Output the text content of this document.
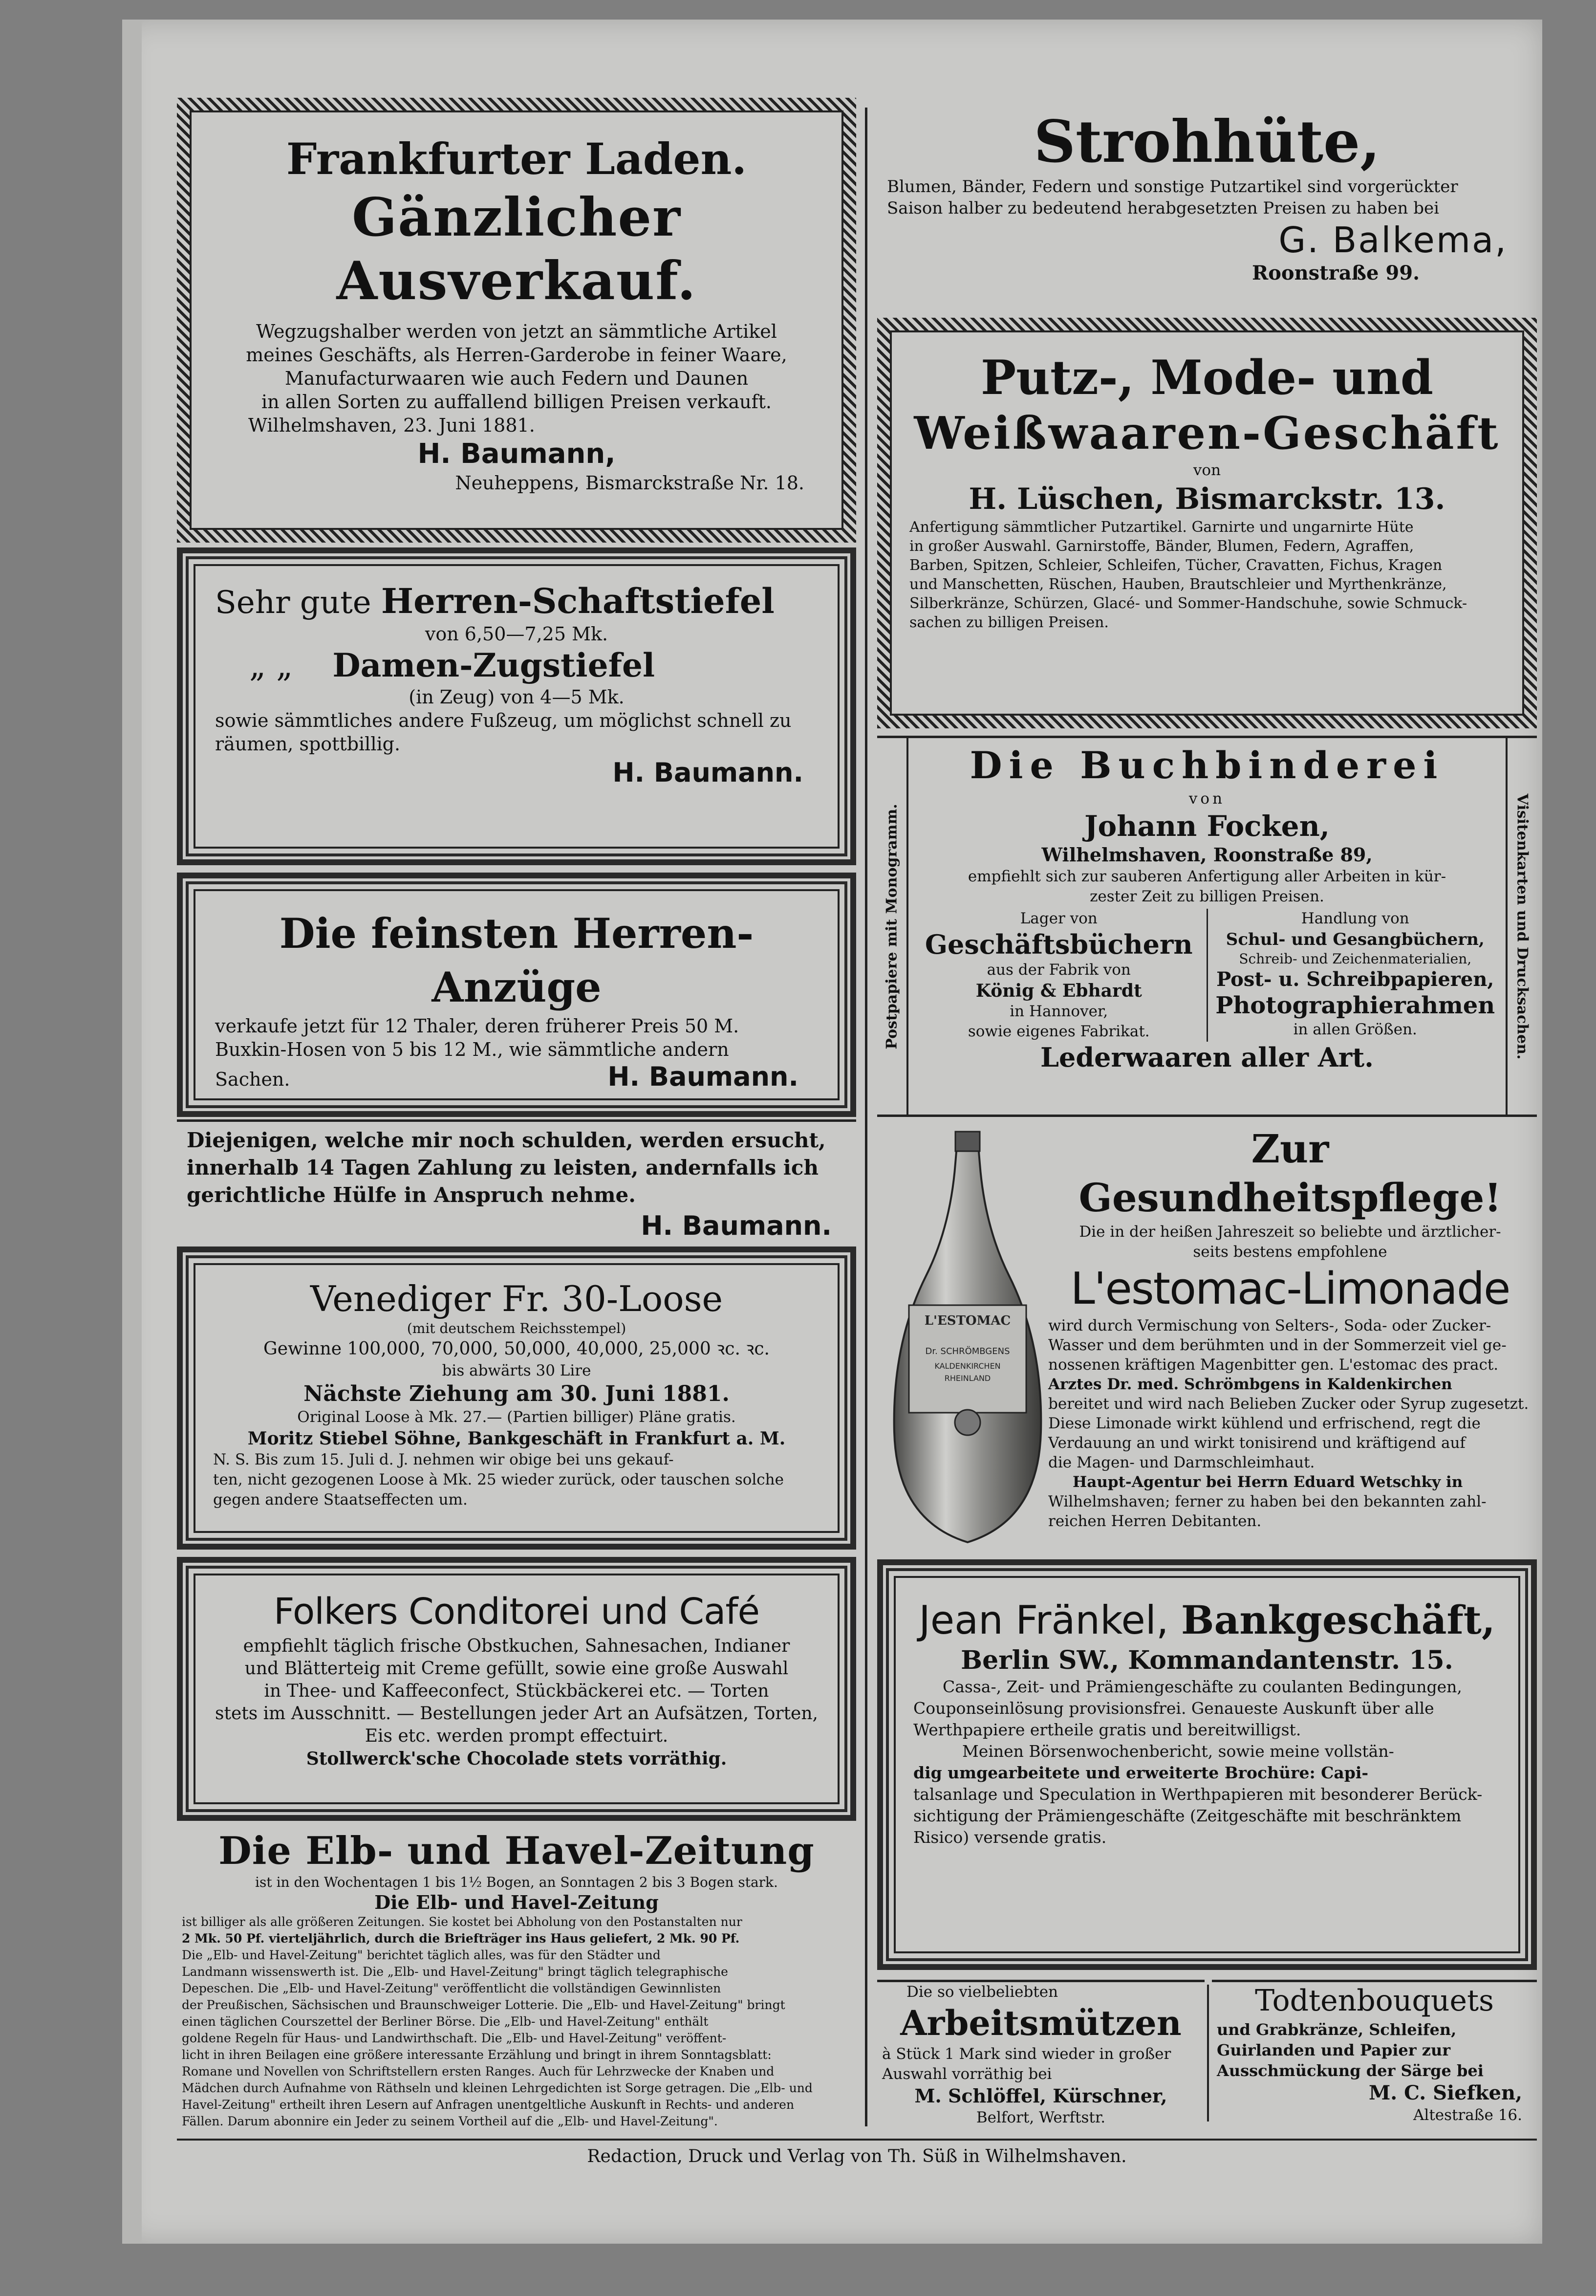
Frankfurter Laden.
Gänzlicher Ausverkauf.
Wegzugshalber werden von jetzt an sämmtliche Artikel
meines Geschäfts, als Herren-Garderobe in feiner Waare,
Manufacturwaaren wie auch Federn und Daunen
in allen Sorten zu auffallend billigen Preisen verkauft.
Wilhelmshaven, 23. Juni 1881.
H. Baumann,
Neuheppens, Bismarckstraße Nr. 18.
Sehr gute Herren-Schaftstiefel
von 6,50—7,25 Mk.
„ „ Damen-Zugstiefel
(in Zeug) von 4—5 Mk.
sowie sämmtliches andere Fußzeug, um möglichst schnell zu räumen, spottbillig.
H. Baumann.
Die feinsten Herren-Anzüge
verkaufe jetzt für 12 Thaler, deren früherer Preis 50 M.
Buxkin-Hosen von 5 bis 12 M., wie sämmtliche andern
Sachen.	H. Baumann.
Diejenigen, welche mir noch schulden, werden ersucht, innerhalb 14 Tagen Zahlung zu leisten, andernfalls ich gerichtliche Hülfe in Anspruch nehme.
H. Baumann.
Venediger Fr. 30-Loose
(mit deutschem Reichsstempel)
Gewinne 100,000, 70,000, 50,000, 40,000, 25,000 ꝛc. ꝛc.
bis abwärts 30 Lire
Nächste Ziehung am 30. Juni 1881.
Original Loose à Mk. 27.— (Partien billiger) Pläne gratis.
Moritz Stiebel Söhne, Bankgeschäft in Frankfurt a. M.
N. S. Bis zum 15. Juli d. J. nehmen wir obige bei uns gekauf-
ten, nicht gezogenen Loose à Mk. 25 wieder zurück, oder tauschen solche
gegen andere Staatseffecten um.
Folkers Conditorei und Café
empfiehlt täglich frische Obstkuchen, Sahnesachen, Indianer
und Blätterteig mit Creme gefüllt, sowie eine große Auswahl
in Thee- und Kaffeeconfect, Stückbäckerei etc. — Torten
stets im Ausschnitt. — Bestellungen jeder Art an Aufsätzen, Torten,
Eis etc. werden prompt effectuirt.
Stollwerck'sche Chocolade stets vorräthig.
Die Elb- und Havel-Zeitung
ist in den Wochentagen 1 bis 1½ Bogen, an Sonntagen 2 bis 3 Bogen stark.
Die Elb- und Havel-Zeitung
ist billiger als alle größeren Zeitungen. Sie kostet bei Abholung von den Postanstalten nur
2 Mk. 50 Pf. vierteljährlich, durch die Briefträger ins Haus geliefert, 2 Mk. 90 Pf.
Die „Elb- und Havel-Zeitung" berichtet täglich alles, was für den Städter und
Landmann wissenswerth ist. Die „Elb- und Havel-Zeitung" bringt täglich telegraphische
Depeschen. Die „Elb- und Havel-Zeitung" veröffentlicht die vollständigen Gewinnlisten
der Preußischen, Sächsischen und Braunschweiger Lotterie. Die „Elb- und Havel-Zeitung" bringt
einen täglichen Courszettel der Berliner Börse. Die „Elb- und Havel-Zeitung" enthält
goldene Regeln für Haus- und Landwirthschaft. Die „Elb- und Havel-Zeitung" veröffent-
licht in ihren Beilagen eine größere interessante Erzählung und bringt in ihrem Sonntagsblatt:
Romane und Novellen von Schriftstellern ersten Ranges. Auch für Lehrzwecke der Knaben und
Mädchen durch Aufnahme von Räthseln und kleinen Lehrgedichten ist Sorge getragen. Die „Elb- und
Havel-Zeitung" ertheilt ihren Lesern auf Anfragen unentgeltliche Auskunft in Rechts- und anderen
Fällen. Darum abonnire ein Jeder zu seinem Vortheil auf die „Elb- und Havel-Zeitung".
Strohhüte,
Blumen, Bänder, Federn und sonstige Putzartikel sind vorgerückter
Saison halber zu bedeutend herabgesetzten Preisen zu haben bei
G. Balkema,
Roonstraße 99.
Putz-, Mode- und
Weißwaaren-Geschäft
von
H. Lüschen, Bismarckstr. 13.
Anfertigung sämmtlicher Putzartikel. Garnirte und ungarnirte Hüte
in großer Auswahl. Garnirstoffe, Bänder, Blumen, Federn, Agraffen,
Barben, Spitzen, Schleier, Schleifen, Tücher, Cravatten, Fichus, Kragen
und Manschetten, Rüschen, Hauben, Brautschleier und Myrthenkränze,
Silberkränze, Schürzen, Glacé- und Sommer-Handschuhe, sowie Schmuck-
sachen zu billigen Preisen.
Postpapiere mit Monogramm.	Visitenkarten und Drucksachen.
Die Buchbinderei
von
Johann Focken,
Wilhelmshaven, Roonstraße 89,
empfiehlt sich zur sauberen Anfertigung aller Arbeiten in kür-
zester Zeit zu billigen Preisen.
Lager von
Geschäftsbüchern
aus der Fabrik von
König & Ebhardt
in Hannover,
sowie eigenes Fabrikat.
Handlung von
Schul- und Gesangbüchern,
Schreib- und Zeichenmaterialien,
Post- u. Schreibpapieren,
Photographierahmen
in allen Größen.
Lederwaaren aller Art.
L'ESTOMAC
Dr. SCHRÖMBGENS
KALDENKIRCHEN
RHEINLAND
Zur Gesundheitspflege!
Die in der heißen Jahreszeit so beliebte und ärztlicher-
seits bestens empfohlene
L'estomac-Limonade
wird durch Vermischung von Selters-, Soda- oder Zucker-
Wasser und dem berühmten und in der Sommerzeit viel ge-
nossenen kräftigen Magenbitter gen. L'estomac des pract.
Arztes Dr. med. Schrömbgens in Kaldenkirchen
bereitet und wird nach Belieben Zucker oder Syrup zugesetzt.
Diese Limonade wirkt kühlend und erfrischend, regt die
Verdauung an und wirkt tonisirend und kräftigend auf
die Magen- und Darmschleimhaut.
Haupt-Agentur bei Herrn Eduard Wetschky in
Wilhelmshaven; ferner zu haben bei den bekannten zahl-
reichen Herren Debitanten.
Jean Fränkel, Bankgeschäft,
Berlin SW., Kommandantenstr. 15.
Cassa-, Zeit- und Prämiengeschäfte zu coulanten Bedingungen,
Couponseinlösung provisionsfrei. Genaueste Auskunft über alle
Werthpapiere ertheile gratis und bereitwilligst.
Meinen Börsenwochenbericht, sowie meine vollstän-
dig umgearbeitete und erweiterte Brochüre: Capi-
talsanlage und Speculation in Werthpapieren mit besonderer Berück-
sichtigung der Prämiengeschäfte (Zeitgeschäfte mit beschränktem
Risico) versende gratis.
Die so vielbeliebten
Arbeitsmützen
à Stück 1 Mark sind wieder in großer
Auswahl vorräthig bei
M. Schlöffel, Kürschner,
Belfort, Werftstr.
Todtenbouquets
und Grabkränze, Schleifen,
Guirlanden und Papier zur
Ausschmückung der Särge bei
M. C. Siefken,
Altestraße 16.
Redaction, Druck und Verlag von Th. Süß in Wilhelmshaven.
